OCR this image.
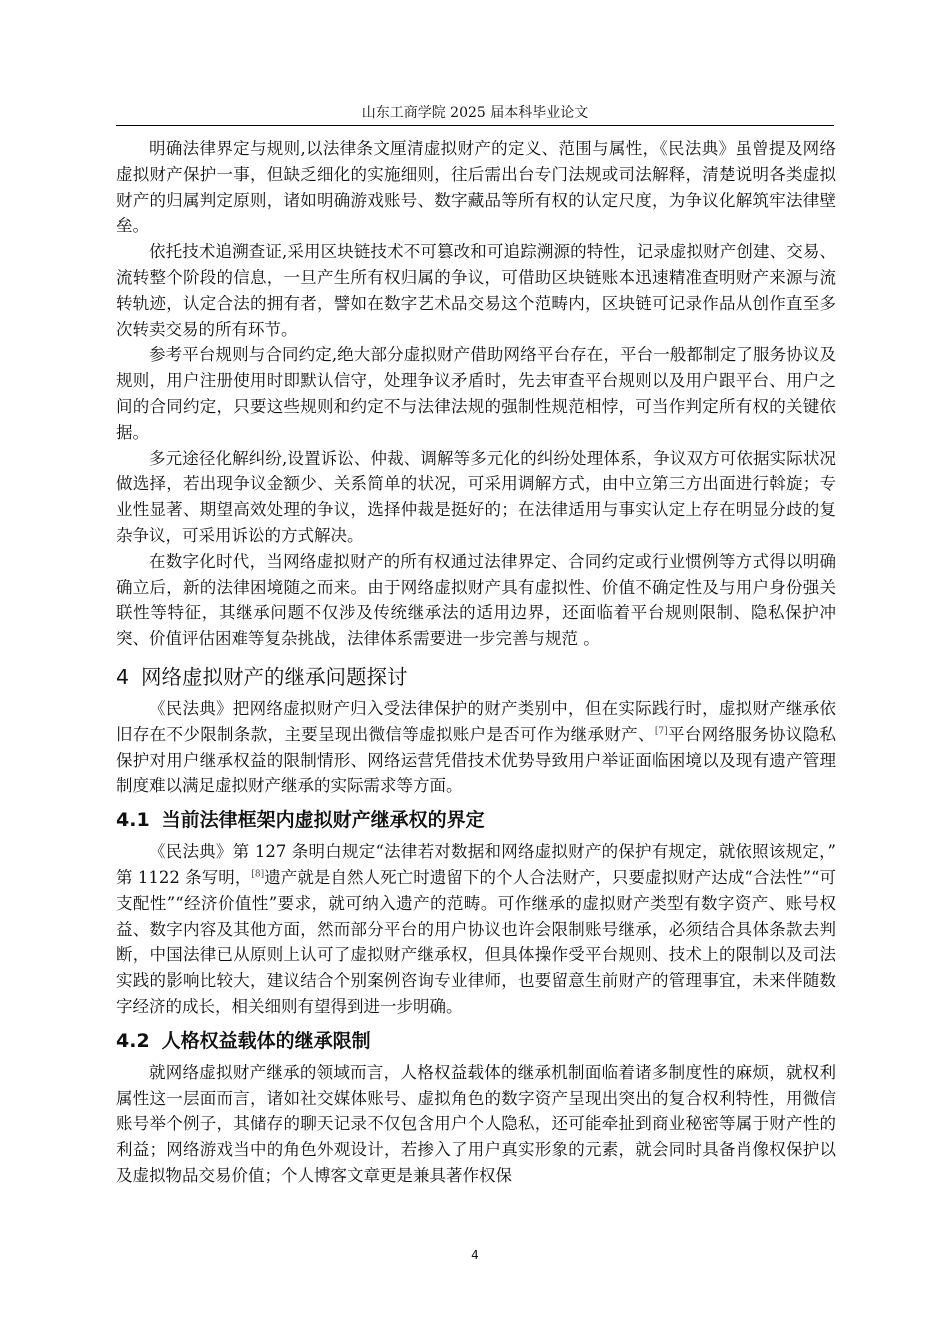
山东工商学院 2025 届本科毕业论文

明确法律界定与规则,以法律条文厘清虚拟财产的定义、范围与属性，《民法典》虽曾提及网络虚拟财产保护一事，但缺乏细化的实施细则，往后需出台专门法规或司法解释，清楚说明各类虚拟财产的归属判定原则，诸如明确游戏账号、数字藏品等所有权的认定尺度，为争议化解筑牢法律壁垒。

依托技术追溯查证,采用区块链技术不可篡改和可追踪溯源的特性，记录虚拟财产创建、交易、流转整个阶段的信息，一旦产生所有权归属的争议，可借助区块链账本迅速精准查明财产来源与流转轨迹，认定合法的拥有者，譬如在数字艺术品交易这个范畴内，区块链可记录作品从创作直至多次转卖交易的所有环节。

参考平台规则与合同约定,绝大部分虚拟财产借助网络平台存在，平台一般都制定了服务协议及规则，用户注册使用时即默认信守，处理争议矛盾时，先去审查平台规则以及用户跟平台、用户之间的合同约定，只要这些规则和约定不与法律法规的强制性规范相悖，可当作判定所有权的关键依据。

多元途径化解纠纷,设置诉讼、仲裁、调解等多元化的纠纷处理体系，争议双方可依据实际状况做选择，若出现争议金额少、关系简单的状况，可采用调解方式，由中立第三方出面进行斡旋；专业性显著、期望高效处理的争议，选择仲裁是挺好的；在法律适用与事实认定上存在明显分歧的复杂争议，可采用诉讼的方式解决。

在数字化时代，当网络虚拟财产的所有权通过法律界定、合同约定或行业惯例等方式得以明确确立后，新的法律困境随之而来。由于网络虚拟财产具有虚拟性、价值不确定性及与用户身份强关联性等特征，其继承问题不仅涉及传统继承法的适用边界，还面临着平台规则限制、隐私保护冲突、价值评估困难等复杂挑战，法律体系需要进一步完善与规范 。

4 网络虚拟财产的继承问题探讨

《民法典》把网络虚拟财产归入受法律保护的财产类别中，但在实际践行时，虚拟财产继承依旧存在不少限制条款，主要呈现出微信等虚拟账户是否可作为继承财产、[7]平台网络服务协议隐私保护对用户继承权益的限制情形、网络运营凭借技术优势导致用户举证面临困境以及现有遗产管理制度难以满足虚拟财产继承的实际需求等方面。

4.1 当前法律框架内虚拟财产继承权的界定

《民法典》第 127 条明白规定“法律若对数据和网络虚拟财产的保护有规定，就依照该规定，” 第 1122 条写明，[8]遗产就是自然人死亡时遗留下的个人合法财产，只要虚拟财产达成“合法性”“可支配性”“经济价值性”要求，就可纳入遗产的范畴。可作继承的虚拟财产类型有数字资产、账号权益、数字内容及其他方面，然而部分平台的用户协议也许会限制账号继承，必须结合具体条款去判断，中国法律已从原则上认可了虚拟财产继承权，但具体操作受平台规则、技术上的限制以及司法实践的影响比较大，建议结合个别案例咨询专业律师，也要留意生前财产的管理事宜，未来伴随数字经济的成长，相关细则有望得到进一步明确。

4.2 人格权益载体的继承限制

就网络虚拟财产继承的领域而言，人格权益载体的继承机制面临着诸多制度性的麻烦，就权利属性这一层面而言，诸如社交媒体账号、虚拟角色的数字资产呈现出突出的复合权利特性，用微信账号举个例子，其储存的聊天记录不仅包含用户个人隐私，还可能牵扯到商业秘密等属于财产性的利益；网络游戏当中的角色外观设计，若掺入了用户真实形象的元素，就会同时具备肖像权保护以及虚拟物品交易价值；个人博客文章更是兼具著作权保

4
